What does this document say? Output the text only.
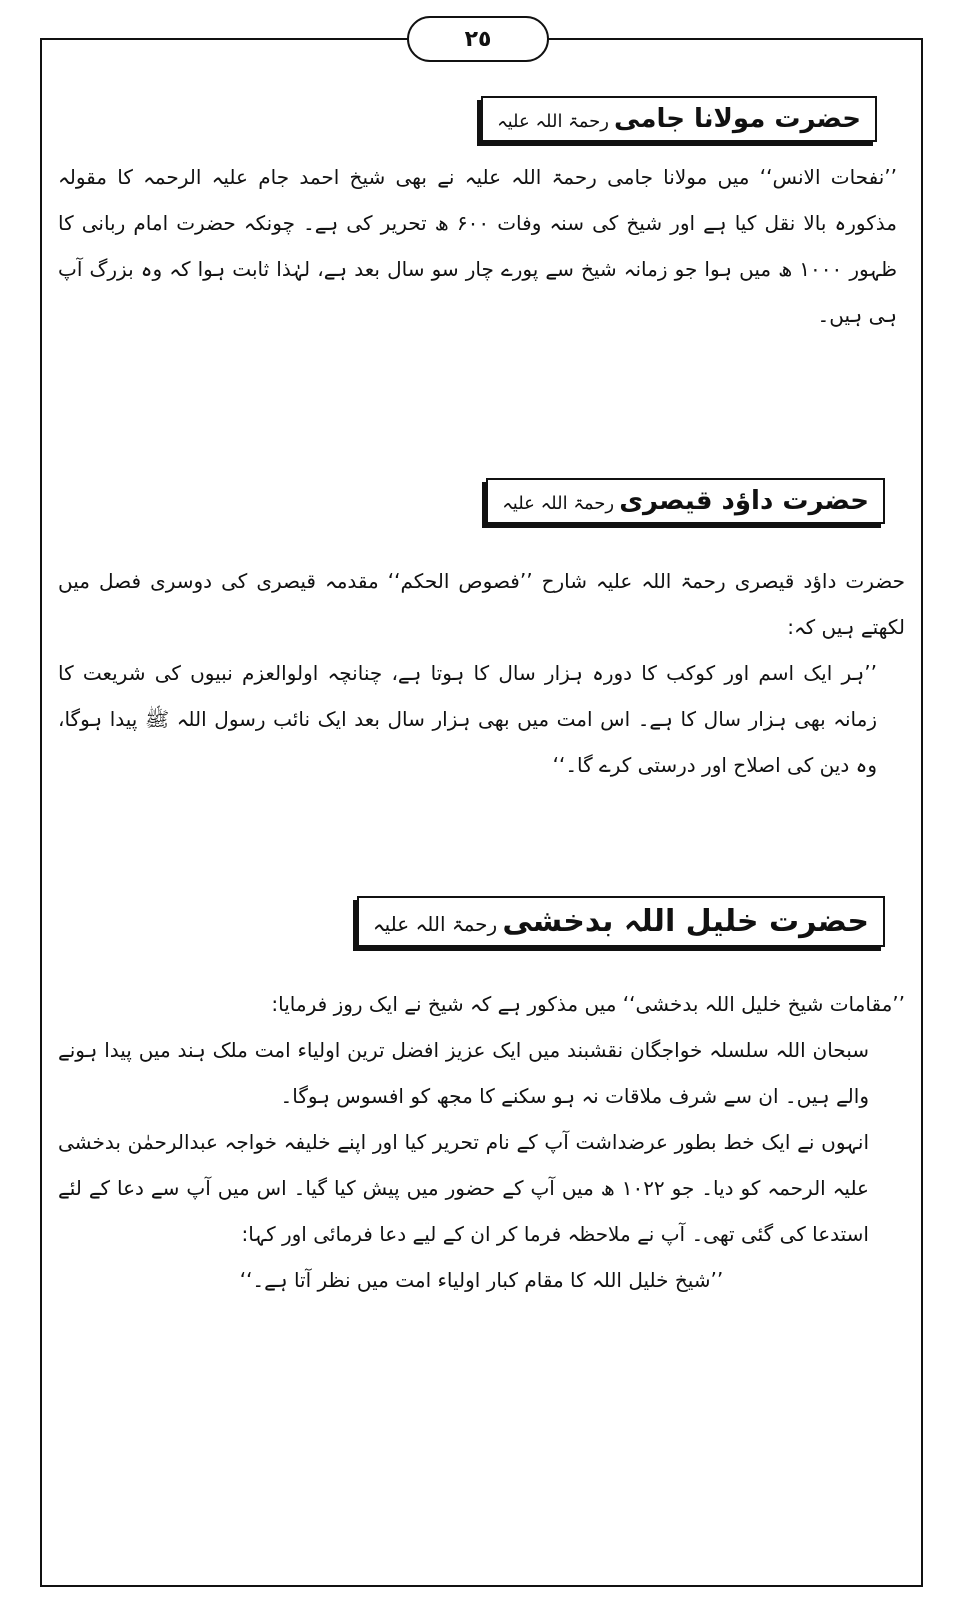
٢٥
حضرت مولانا جامی رحمۃ اللہ علیہ

’’نفحات الانس‘‘ میں مولانا جامی رحمۃ اللہ علیہ نے بھی شیخ احمد جام علیہ الرحمہ کا مقولہ مذکورہ بالا نقل کیا ہے اور شیخ کی سنہ وفات ۶۰۰ ھ تحریر کی ہے۔ چونکہ حضرت امام ربانی کا ظہور ۱۰۰۰ ھ میں ہوا جو زمانہ شیخ سے پورے چار سو سال بعد ہے، لہٰذا ثابت ہوا کہ وہ بزرگ آپ ہی ہیں۔

حضرت داؤد قیصری رحمۃ اللہ علیہ

حضرت داؤد قیصری رحمۃ اللہ علیہ شارح ’’فصوص الحکم‘‘ مقدمہ قیصری کی دوسری فصل میں لکھتے ہیں کہ:

’’ہر ایک اسم اور کوکب کا دورہ ہزار سال کا ہوتا ہے، چنانچہ اولوالعزم نبیوں کی شریعت کا زمانہ بھی ہزار سال کا ہے۔ اس امت میں بھی ہزار سال بعد ایک نائب رسول اللہ ﷺ پیدا ہوگا، وہ دین کی اصلاح اور درستی کرے گا۔‘‘

حضرت خلیل اللہ بدخشی رحمۃ اللہ علیہ

’’مقامات شیخ خلیل اللہ بدخشی‘‘ میں مذکور ہے کہ شیخ نے ایک روز فرمایا:

سبحان اللہ سلسلہ خواجگان نقشبند میں ایک عزیز افضل ترین اولیاء امت ملک ہند میں پیدا ہونے والے ہیں۔ ان سے شرف ملاقات نہ ہو سکنے کا مجھ کو افسوس ہوگا۔

انہوں نے ایک خط بطور عرضداشت آپ کے نام تحریر کیا اور اپنے خلیفہ خواجہ عبدالرحمٰن بدخشی علیہ الرحمہ کو دیا۔ جو ۱۰۲۲ ھ میں آپ کے حضور میں پیش کیا گیا۔ اس میں آپ سے دعا کے لئے استدعا کی گئی تھی۔ آپ نے ملاحظہ فرما کر ان کے لیے دعا فرمائی اور کہا:

’’شیخ خلیل اللہ کا مقام کبار اولیاء امت میں نظر آتا ہے۔‘‘
